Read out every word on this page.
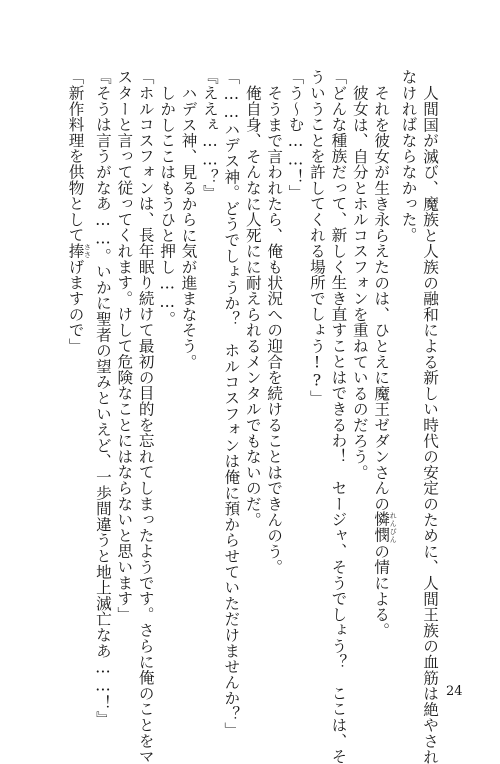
人間国が滅び、魔族と人族の融和による新しい時代の安定のために、人間王族の血筋は絶やされ

なければならなかった。

それを彼女が生き永らえたのは、ひとえに魔王ゼダンさんの憐憫 れんびんの情による。

彼女は、自分とホルコスフォンを重ねているのだろう。

「どんな種族だって、新しく生き直すことはできるわ！　セージャ、そうでしょう？　ここは、そ

ういうことを許してくれる場所でしょう!?」

「う～む……！」

そうまで言われたら、俺も状況への迎合を続けることはできんのう。

俺自身、そんなに人死にに耐えられるメンタルでもないのだ。

「……ハデス神。どうでしょうか？　ホルコスフォンは俺に預からせていただけませんか？」

『ええぇ……？』

ハデス神、見るからに気が進まなそう。

しかしここはもうひと押し……。

「ホルコスフォンは、長年眠り続けて最初の目的を忘れてしまったようです。さらに俺のことをマ

スターと言って従ってくれます。けして危険なことにはならないと思います」

『そうは言うがなあ……。いかに聖者の望みといえど、一歩間違うと地上滅亡なあ……！』

「新作料理を供物として捧 ささげますので」

24
